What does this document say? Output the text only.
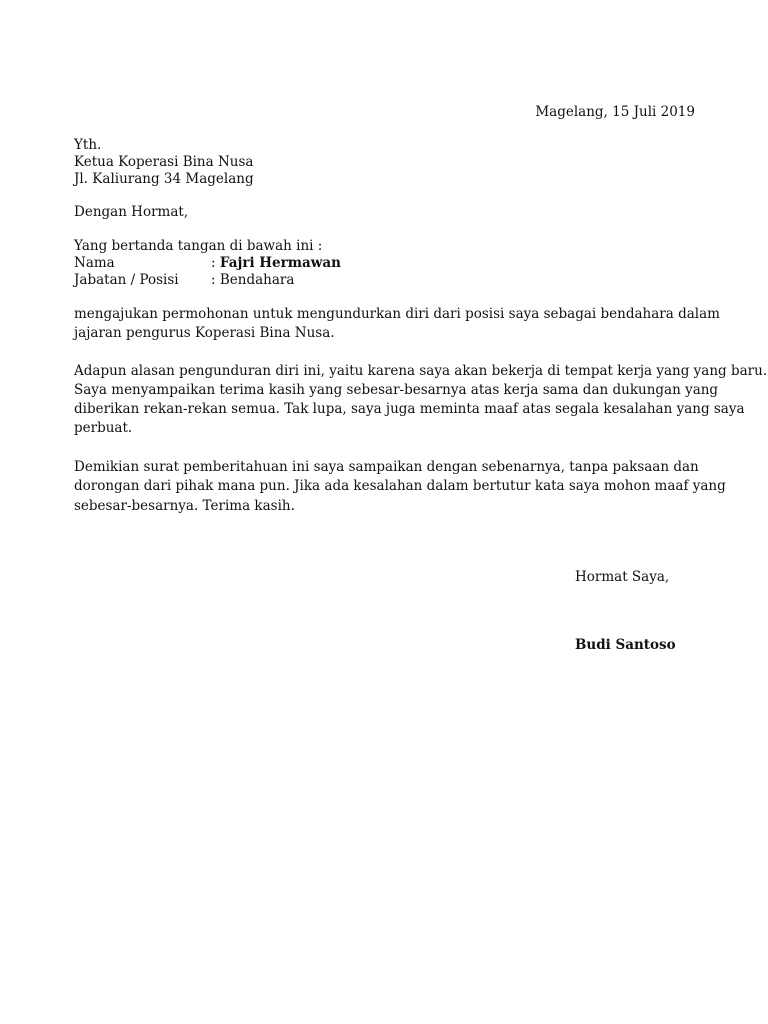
Magelang, 15 Juli 2019
Yth.
Ketua Koperasi Bina Nusa
Jl. Kaliurang 34 Magelang
Dengan Hormat,
Yang bertanda tangan di bawah ini :
Nama	: Fajri Hermawan
Jabatan / Posisi : Bendahara
mengajukan permohonan untuk mengundurkan diri dari posisi saya sebagai bendahara dalam
jajaran pengurus Koperasi Bina Nusa.
Adapun alasan pengunduran diri ini, yaitu karena saya akan bekerja di tempat kerja yang yang baru.
Saya menyampaikan terima kasih yang sebesar-besarnya atas kerja sama dan dukungan yang
diberikan rekan-rekan semua. Tak lupa, saya juga meminta maaf atas segala kesalahan yang saya
perbuat.
Demikian surat pemberitahuan ini saya sampaikan dengan sebenarnya, tanpa paksaan dan
dorongan dari pihak mana pun. Jika ada kesalahan dalam bertutur kata saya mohon maaf yang
sebesar-besarnya. Terima kasih.
Hormat Saya,
Budi Santoso
